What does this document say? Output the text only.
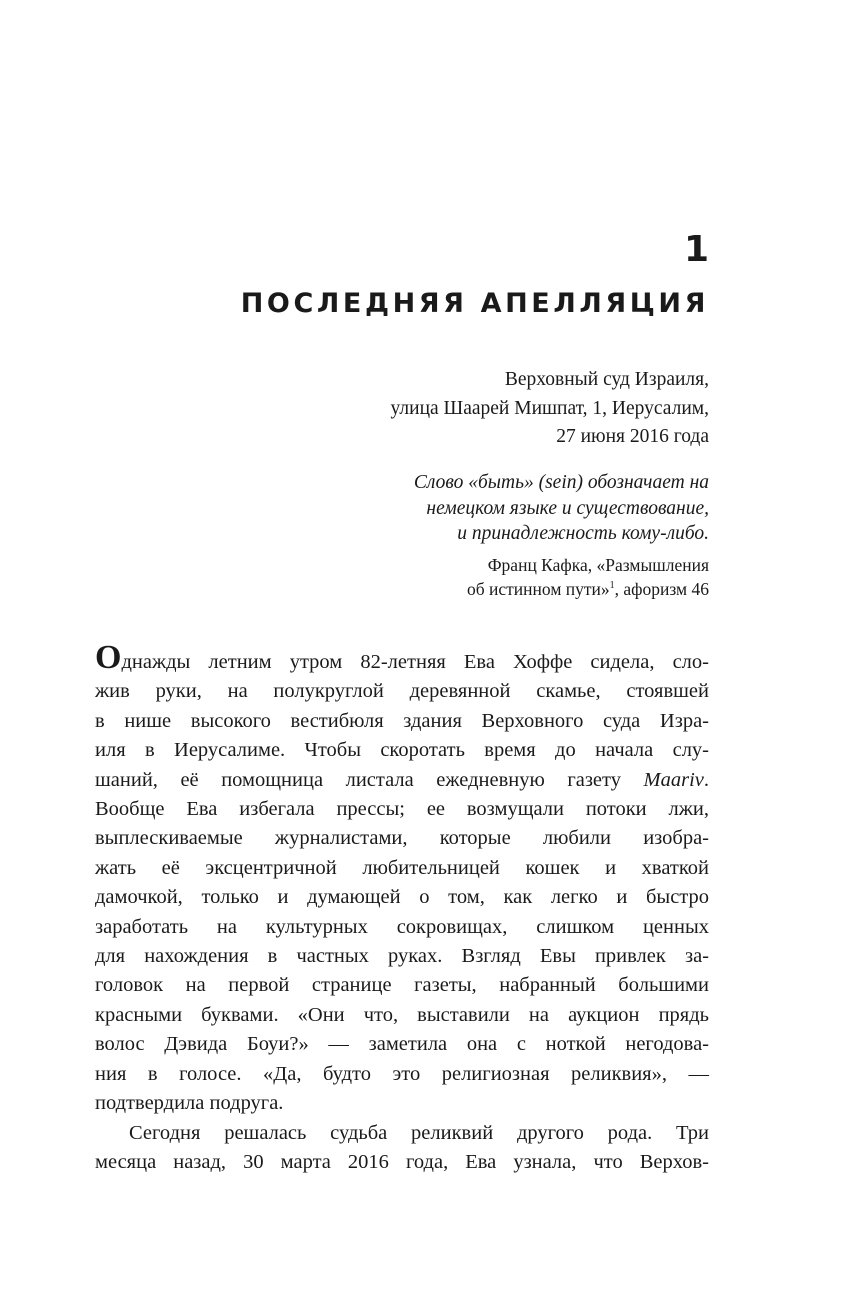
1
ПОСЛЕДНЯЯ АПЕЛЛЯЦИЯ
Верховный суд Израиля,
улица Шаарей Мишпат, 1, Иерусалим,
27 июня 2016 года

Слово «быть» (sein) обозначает на
немецком языке и существование,
и принадлежность кому-либо.

Франц Кафка, «Размышления
об истинном пути»$^1$, афоризм 46

Однажды летним утром 82-летняя Ева Хоффе сидела, сло-
жив руки, на полукруглой деревянной скамье, стоявшей
в нише высокого вестибюля здания Верховного суда Изра-
иля в Иерусалиме. Чтобы скоротать время до начала слу-
шаний, её помощница листала ежедневную газету Maariv.
Вообще Ева избегала прессы; ее возмущали потоки лжи,
выплескиваемые журналистами, которые любили изобра-
жать её эксцентричной любительницей кошек и хваткой
дамочкой, только и думающей о том, как легко и быстро
заработать на культурных сокровищах, слишком ценных
для нахождения в частных руках. Взгляд Евы привлек за-
головок на первой странице газеты, набранный большими
красными буквами. «Они что, выставили на аукцион прядь
волос Дэвида Боуи?» — заметила она с ноткой негодова-
ния в голосе. «Да, будто это религиозная реликвия», —
подтвердила подруга.

Сегодня решалась судьба реликвий другого рода. Три
месяца назад, 30 марта 2016 года, Ева узнала, что Верхов-
